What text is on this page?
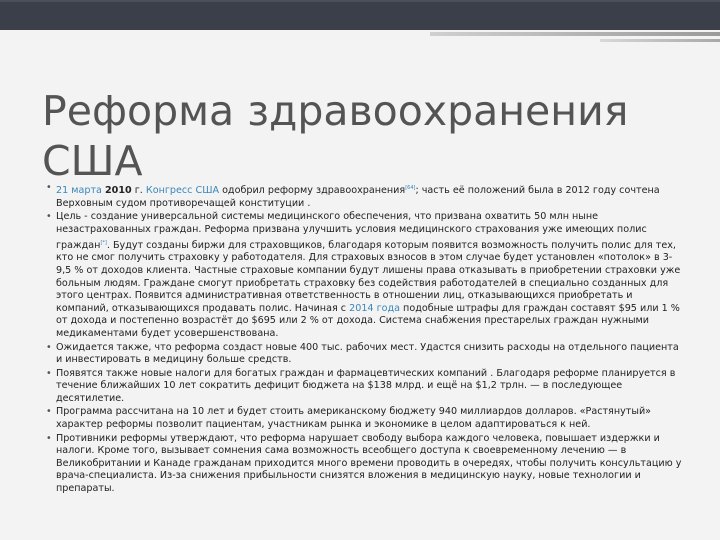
Реформа здравоохранения США
• 21 марта 2010 г. Конгресс США одобрил реформу здравоохранения[64]; часть её положений была в 2012 году сочтена Верховным судом противоречащей конституции .
• Цель - создание универсальной системы медицинского обеспечения, что призвана охватить 50 млн ныне незастрахованных граждан. Реформа призвана улучшить условия медицинского страхования уже имеющих полис граждан[*]. Будут созданы биржи для страховщиков, благодаря которым появится возможность получить полис для тех, кто не смог получить страховку у работодателя. Для страховых взносов в этом случае будет установлен «потолок» в 3-9,5 % от доходов клиента. Частные страховые компании будут лишены права отказывать в приобретении страховки уже больным людям. Граждане смогут приобретать страховку без содействия работодателей в специально созданных для этого центрах. Появится административная ответственность в отношении лиц, отказывающихся приобретать и компаний, отказывающихся продавать полис. Начиная с 2014 года подобные штрафы для граждан составят $95 или 1 % от дохода и постепенно возрастёт до $695 или 2 % от дохода. Система снабжения престарелых граждан нужными медикаментами будет усовершенствована.
• Ожидается также, что реформа создаст новые 400 тыс. рабочих мест. Удастся снизить расходы на отдельного пациента и инвестировать в медицину больше средств.
• Появятся также новые налоги для богатых граждан и фармацевтических компаний . Благодаря реформе планируется в течение ближайших 10 лет сократить дефицит бюджета на $138 млрд. и ещё на $1,2 трлн. — в последующее десятилетие.
• Программа рассчитана на 10 лет и будет стоить американскому бюджету 940 миллиардов долларов. «Растянутый» характер реформы позволит пациентам, участникам рынка и экономике в целом адаптироваться к ней.
• Противники реформы утверждают, что реформа нарушает свободу выбора каждого человека, повышает издержки и налоги. Кроме того, вызывает сомнения сама возможность всеобщего доступа к своевременному лечению — в Великобритании и Канаде гражданам приходится много времени проводить в очередях, чтобы получить консультацию у врача-специалиста. Из-за снижения прибыльности снизятся вложения в медицинскую науку, новые технологии и препараты.
